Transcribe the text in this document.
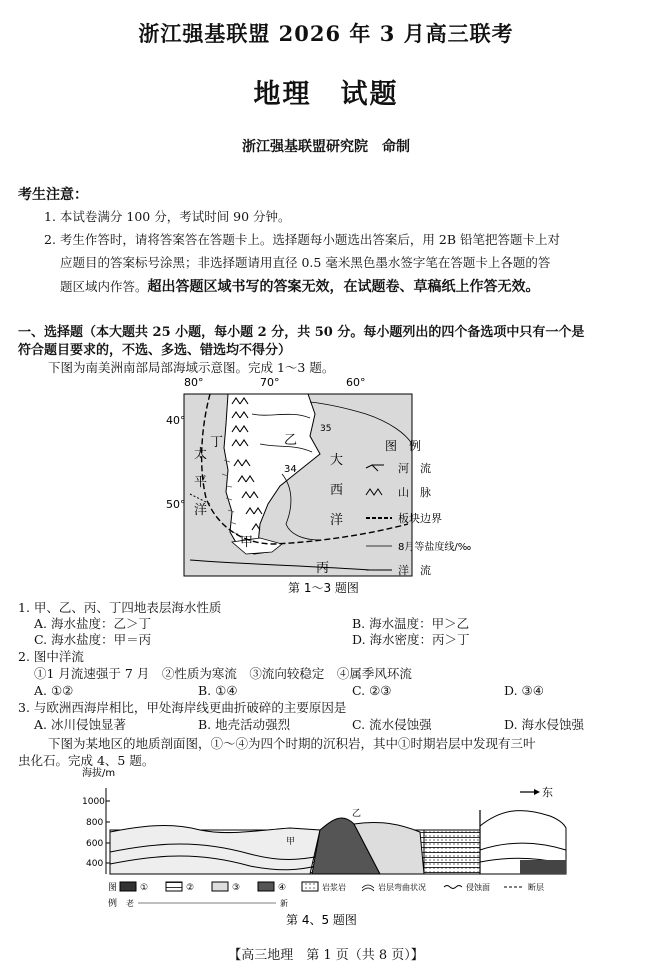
浙江强基联盟 2026 年 3 月高三联考
地理　试题
浙江强基联盟研究院　命制
考生注意：
1. 本试卷满分 100 分，考试时间 90 分钟。
2. 考生作答时，请将答案答在答题卡上。选择题每小题选出答案后，用 2B 铅笔把答题卡上对
应题目的答案标号涂黑；非选择题请用直径 0.5 毫米黑色墨水签字笔在答题卡上各题的答
题区域内作答。超出答题区域书写的答案无效，在试题卷、草稿纸上作答无效。
一、选择题（本大题共 25 小题，每小题 2 分，共 50 分。每小题列出的四个备选项中只有一个是
符合题目要求的，不选、多选、错选均不得分）
下图为南美洲南部局部海域示意图。完成 1～3 题。
80°	70°	60°
40°
50°
35
34
丁	乙
甲
丙
太
平
洋
大
西
洋
图　例
河　流
山　脉
板块边界
8月等盐度线/‰
洋　流
第 1～3 题图
1. 甲、乙、丙、丁四地表层海水性质
A. 海水盐度：乙＞丁	B. 海水温度：甲＞乙
C. 海水盐度：甲＝丙	D. 海水密度：丙＞丁
2. 图中洋流
①1 月流速强于 7 月　②性质为寒流　③流向较稳定　④属季风环流
A. ①②	B. ①④	C. ②③	D. ③④
3. 与欧洲西海岸相比，甲处海岸线更曲折破碎的主要原因是
A. 冰川侵蚀显著	B. 地壳活动强烈	C. 流水侵蚀强	D. 海水侵蚀强
下图为某地区的地质剖面图，①～④为四个时期的沉积岩，其中①时期岩层中发现有三叶
虫化石。完成 4、5 题。
海拔/m
1000
800
600
400
东
甲
乙
图
例
①	②	③	④	岩浆岩	岩层弯曲状况	侵蚀面	断层
老	新
第 4、5 题图
【高三地理　第 1 页（共 8 页）】
